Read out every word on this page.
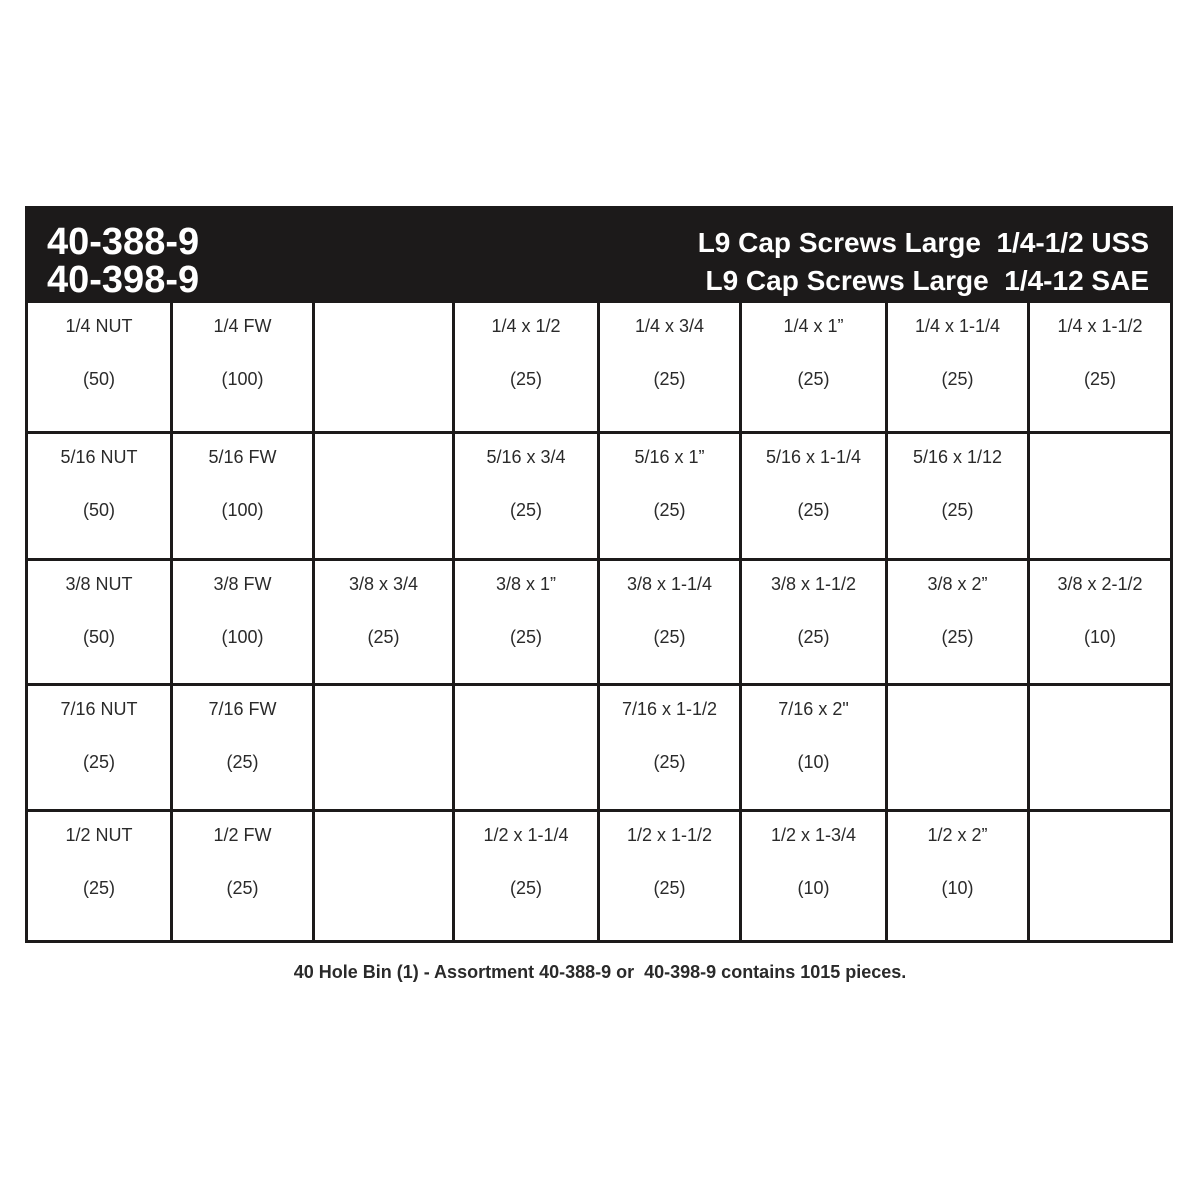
40-388-9
40-398-9
L9 Cap Screws Large  1/4-1/2 USS
L9 Cap Screws Large  1/4-12 SAE
1/4 NUT
(50)
1/4 FW
(100)
1/4 x 1/2
(25)
1/4 x 3/4
(25)
1/4 x 1”
(25)
1/4 x 1-1/4
(25)
1/4 x 1-1/2
(25)
5/16 NUT
(50)
5/16 FW
(100)
5/16 x 3/4
(25)
5/16 x 1”
(25)
5/16 x 1-1/4
(25)
5/16 x 1/12
(25)
3/8 NUT
(50)
3/8 FW
(100)
3/8 x 3/4
(25)
3/8 x 1”
(25)
3/8 x 1-1/4
(25)
3/8 x 1-1/2
(25)
3/8 x 2”
(25)
3/8 x 2-1/2
(10)
7/16 NUT
(25)
7/16 FW
(25)
7/16 x 1-1/2
(25)
7/16 x 2"
(10)
1/2 NUT
(25)
1/2 FW
(25)
1/2 x 1-1/4
(25)
1/2 x 1-1/2
(25)
1/2 x 1-3/4
(10)
1/2 x 2”
(10)
40 Hole Bin (1) - Assortment 40-388-9 or  40-398-9 contains 1015 pieces.
